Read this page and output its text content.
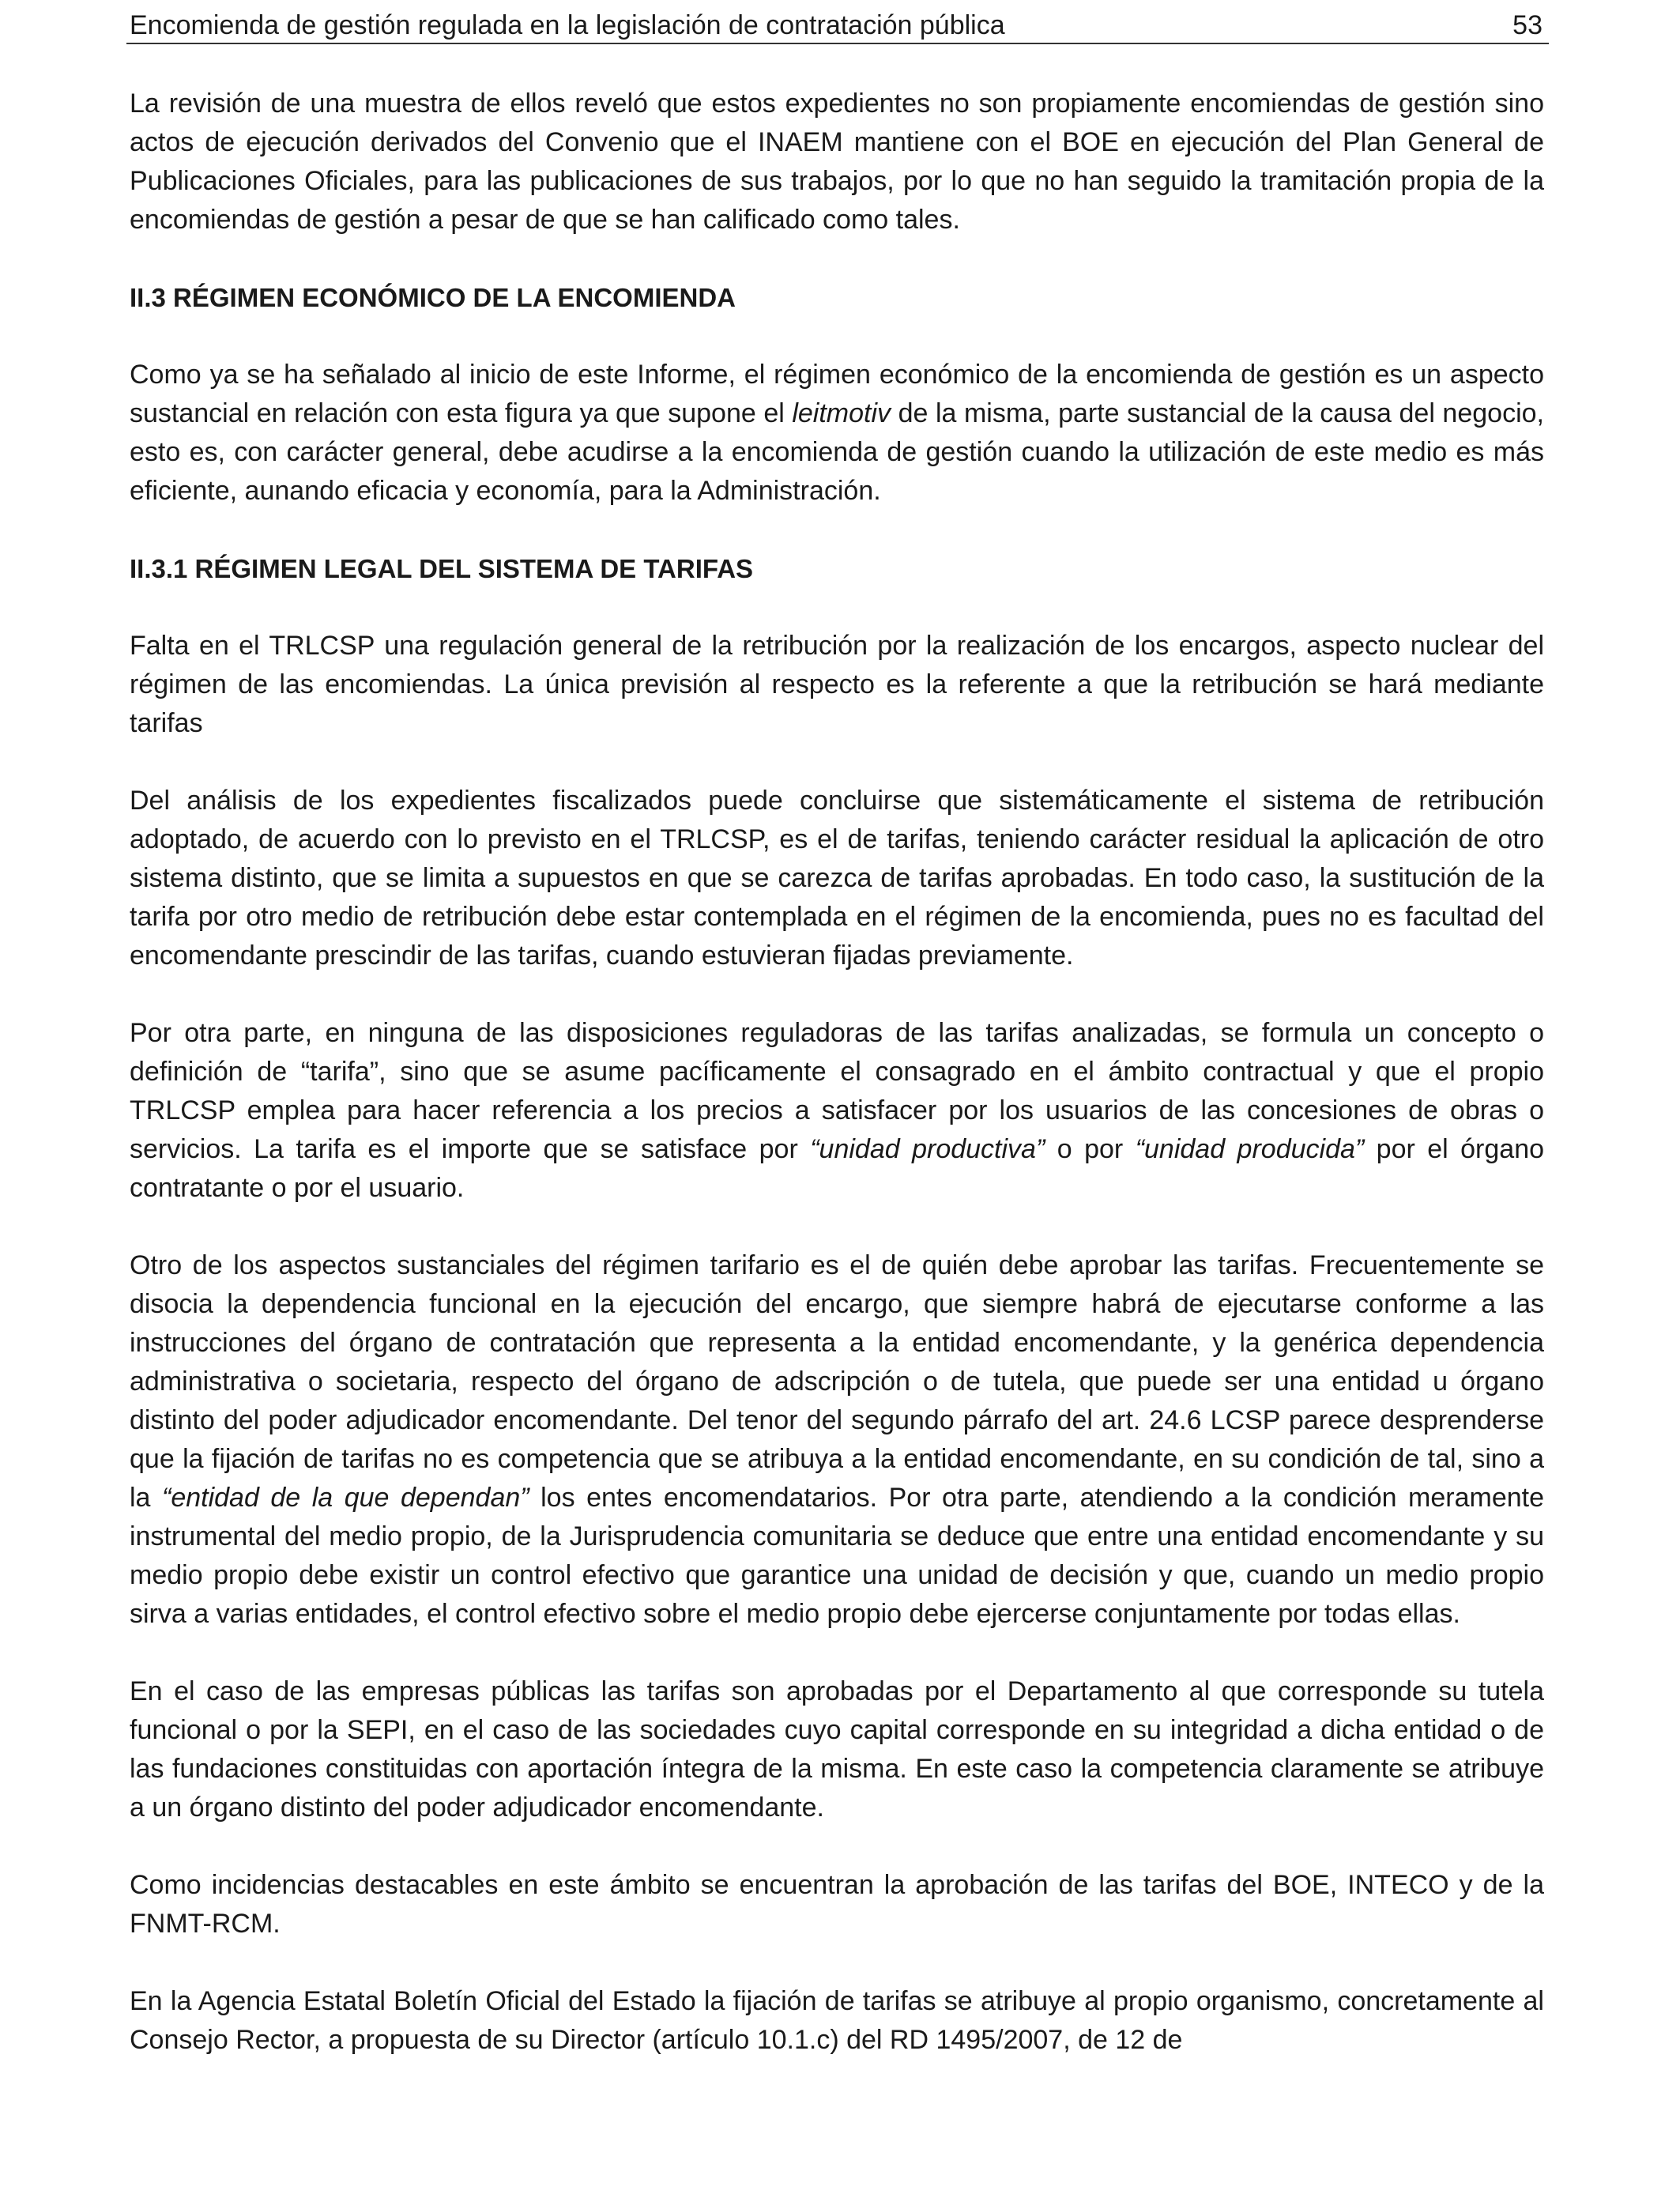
Encomienda de gestión regulada en la legislación de contratación pública	53

La revisión de una muestra de ellos reveló que estos expedientes no son propiamente encomiendas de gestión sino actos de ejecución derivados del Convenio que el INAEM mantiene con el BOE en ejecución del Plan General de Publicaciones Oficiales, para las publicaciones de sus trabajos, por lo que no han seguido la tramitación propia de la encomiendas de gestión a pesar de que se han calificado como tales.

II.3 RÉGIMEN ECONÓMICO DE LA ENCOMIENDA

Como ya se ha señalado al inicio de este Informe, el régimen económico de la encomienda de gestión es un aspecto sustancial en relación con esta figura ya que supone el leitmotiv de la misma, parte sustancial de la causa del negocio, esto es, con carácter general, debe acudirse a la encomienda de gestión cuando la utilización de este medio es más eficiente, aunando eficacia y economía, para la Administración.

II.3.1 RÉGIMEN LEGAL DEL SISTEMA DE TARIFAS

Falta en el TRLCSP una regulación general de la retribución por la realización de los encargos, aspecto nuclear del régimen de las encomiendas. La única previsión al respecto es la referente a que la retribución se hará mediante tarifas

Del análisis de los expedientes fiscalizados puede concluirse que sistemáticamente el sistema de retribución adoptado, de acuerdo con lo previsto en el TRLCSP, es el de tarifas, teniendo carácter residual la aplicación de otro sistema distinto, que se limita a supuestos en que se carezca de tarifas aprobadas. En todo caso, la sustitución de la tarifa por otro medio de retribución debe estar contemplada en el régimen de la encomienda, pues no es facultad del encomendante prescindir de las tarifas, cuando estuvieran fijadas previamente.

Por otra parte, en ninguna de las disposiciones reguladoras de las tarifas analizadas, se formula un concepto o definición de “tarifa”, sino que se asume pacíficamente el consagrado en el ámbito contractual y que el propio TRLCSP emplea para hacer referencia a los precios a satisfacer por los usuarios de las concesiones de obras o servicios. La tarifa es el importe que se satisface por “unidad productiva” o por “unidad producida” por el órgano contratante o por el usuario.

Otro de los aspectos sustanciales del régimen tarifario es el de quién debe aprobar las tarifas. Frecuentemente se disocia la dependencia funcional en la ejecución del encargo, que siempre habrá de ejecutarse conforme a las instrucciones del órgano de contratación que representa a la entidad encomendante, y la genérica dependencia administrativa o societaria, respecto del órgano de adscripción o de tutela, que puede ser una entidad u órgano distinto del poder adjudicador encomendante. Del tenor del segundo párrafo del art. 24.6 LCSP parece desprenderse que la fijación de tarifas no es competencia que se atribuya a la entidad encomendante, en su condición de tal, sino a la “entidad de la que dependan” los entes encomendatarios. Por otra parte, atendiendo a la condición meramente instrumental del medio propio, de la Jurisprudencia comunitaria se deduce que entre una entidad encomendante y su medio propio debe existir un control efectivo que garantice una unidad de decisión y que, cuando un medio propio sirva a varias entidades, el control efectivo sobre el medio propio debe ejercerse conjuntamente por todas ellas.

En el caso de las empresas públicas las tarifas son aprobadas por el Departamento al que corresponde su tutela funcional o por la SEPI, en el caso de las sociedades cuyo capital corresponde en su integridad a dicha entidad o de las fundaciones constituidas con aportación íntegra de la misma. En este caso la competencia claramente se atribuye a un órgano distinto del poder adjudicador encomendante.

Como incidencias destacables en este ámbito se encuentran la aprobación de las tarifas del BOE, INTECO y de la FNMT-RCM.

En la Agencia Estatal Boletín Oficial del Estado la fijación de tarifas se atribuye al propio organismo, concretamente al Consejo Rector, a propuesta de su Director (artículo 10.1.c) del RD 1495/2007, de 12 de
